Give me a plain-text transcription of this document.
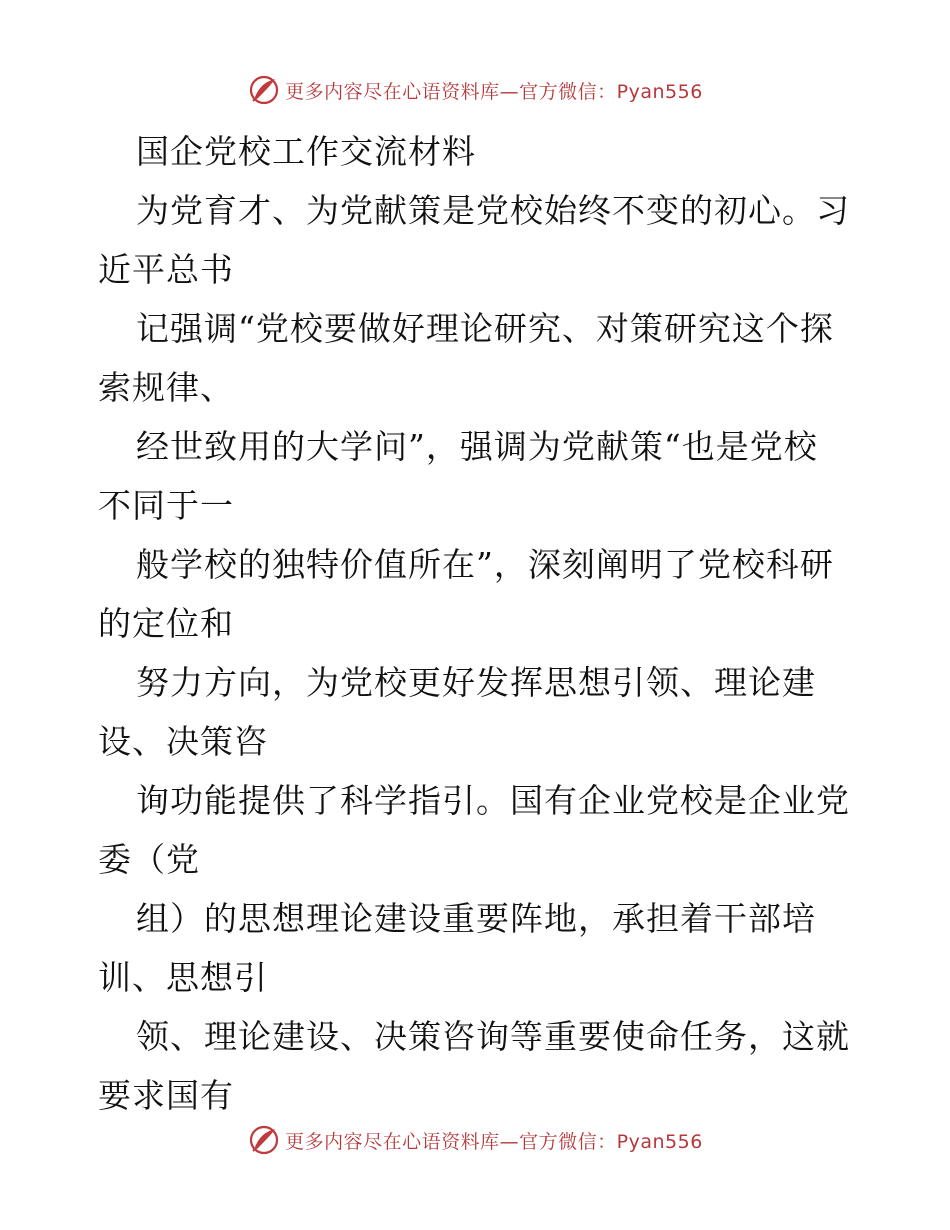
更多内容尽在心语资料库—官方微信：Pyan556
国企党校工作交流材料
为党育才、为党献策是党校始终不变的初心。习
近平总书
记强调“党校要做好理论研究、对策研究这个探
索规律、
经世致用的大学问”，强调为党献策“也是党校
不同于一
般学校的独特价值所在”，深刻阐明了党校科研
的定位和
努力方向，为党校更好发挥思想引领、理论建
设、决策咨
询功能提供了科学指引。国有企业党校是企业党
委（党
组）的思想理论建设重要阵地，承担着干部培
训、思想引
领、理论建设、决策咨询等重要使命任务，这就
要求国有
更多内容尽在心语资料库—官方微信：Pyan556
